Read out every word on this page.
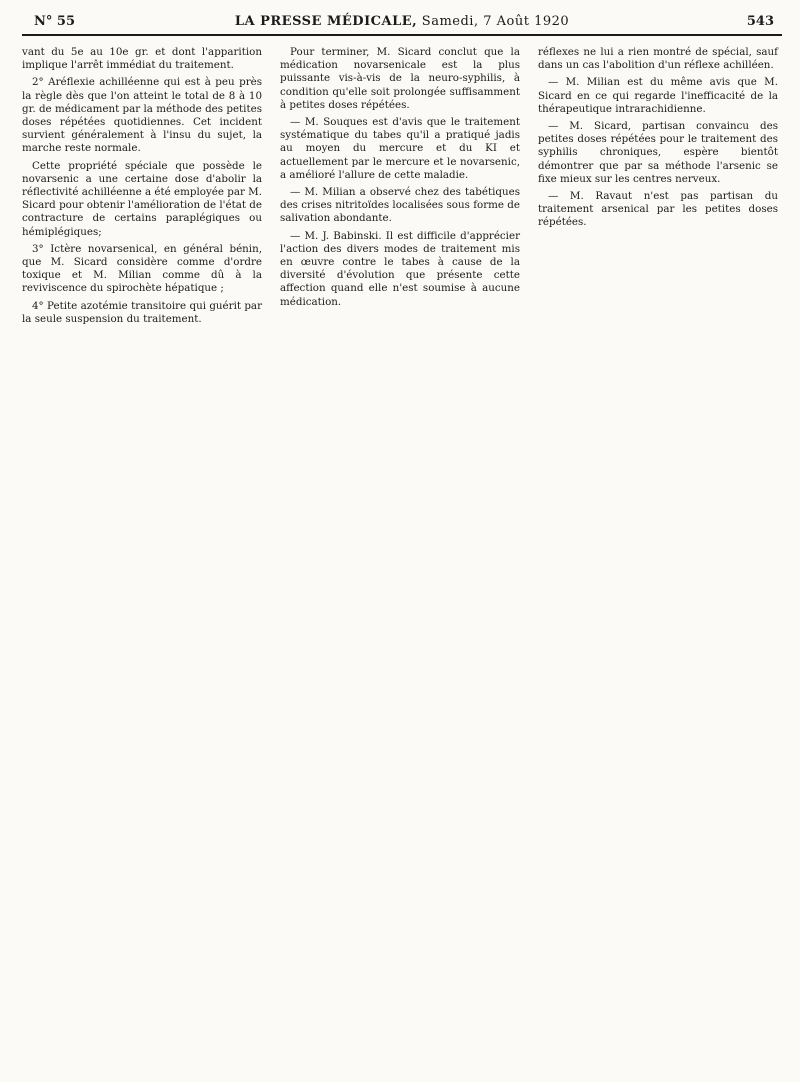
N° 55	LA PRESSE MÉDICALE, Samedi, 7 Août 1920	543

vant du 5e au 10e gr. et dont l'apparition implique l'arrêt immédiat du traitement.

2° Aréflexie achilléenne qui est à peu près la règle dès que l'on atteint le total de 8 à 10 gr. de médicament par la méthode des petites doses répétées quotidiennes. Cet incident survient généralement à l'insu du sujet, la marche reste normale.

Cette propriété spéciale que possède le novarsenic a une certaine dose d'abolir la réflectivité achilléenne a été employée par M. Sicard pour obtenir l'amélioration de l'état de contracture de certains paraplégiques ou hémiplégiques;

3° Ictère novarsenical, en général bénin, que M. Sicard considère comme d'ordre toxique et M. Milian comme dû à la reviviscence du spirochète hépatique ;

4° Petite azotémie transitoire qui guérit par la seule suspension du traitement.

Pour terminer, M. Sicard conclut que la médication novarsenicale est la plus puissante vis-à-vis de la neuro-syphilis, à condition qu'elle soit prolongée suffisamment à petites doses répétées.

— M. Souques est d'avis que le traitement systématique du tabes qu'il a pratiqué jadis au moyen du mercure et du KI et actuellement par le mercure et le novarsenic, a amélioré l'allure de cette maladie.

— M. Milian a observé chez des tabétiques des crises nitritoïdes localisées sous forme de salivation abondante.

— M. J. Babinski. Il est difficile d'apprécier l'action des divers modes de traitement mis en œuvre contre le tabes à cause de la diversité d'évolution que présente cette affection quand elle n'est soumise à aucune médication.

réflexes ne lui a rien montré de spécial, sauf dans un cas l'abolition d'un réflexe achilléen.

— M. Milian est du même avis que M. Sicard en ce qui regarde l'inefficacité de la thérapeutique intrarachidienne.

— M. Sicard, partisan convaincu des petites doses répétées pour le traitement des syphilis chroniques, espère bientôt démontrer que par sa méthode l'arsenic se fixe mieux sur les centres nerveux.

— M. Ravaut n'est pas partisan du traitement arsenical par les petites doses répétées.
